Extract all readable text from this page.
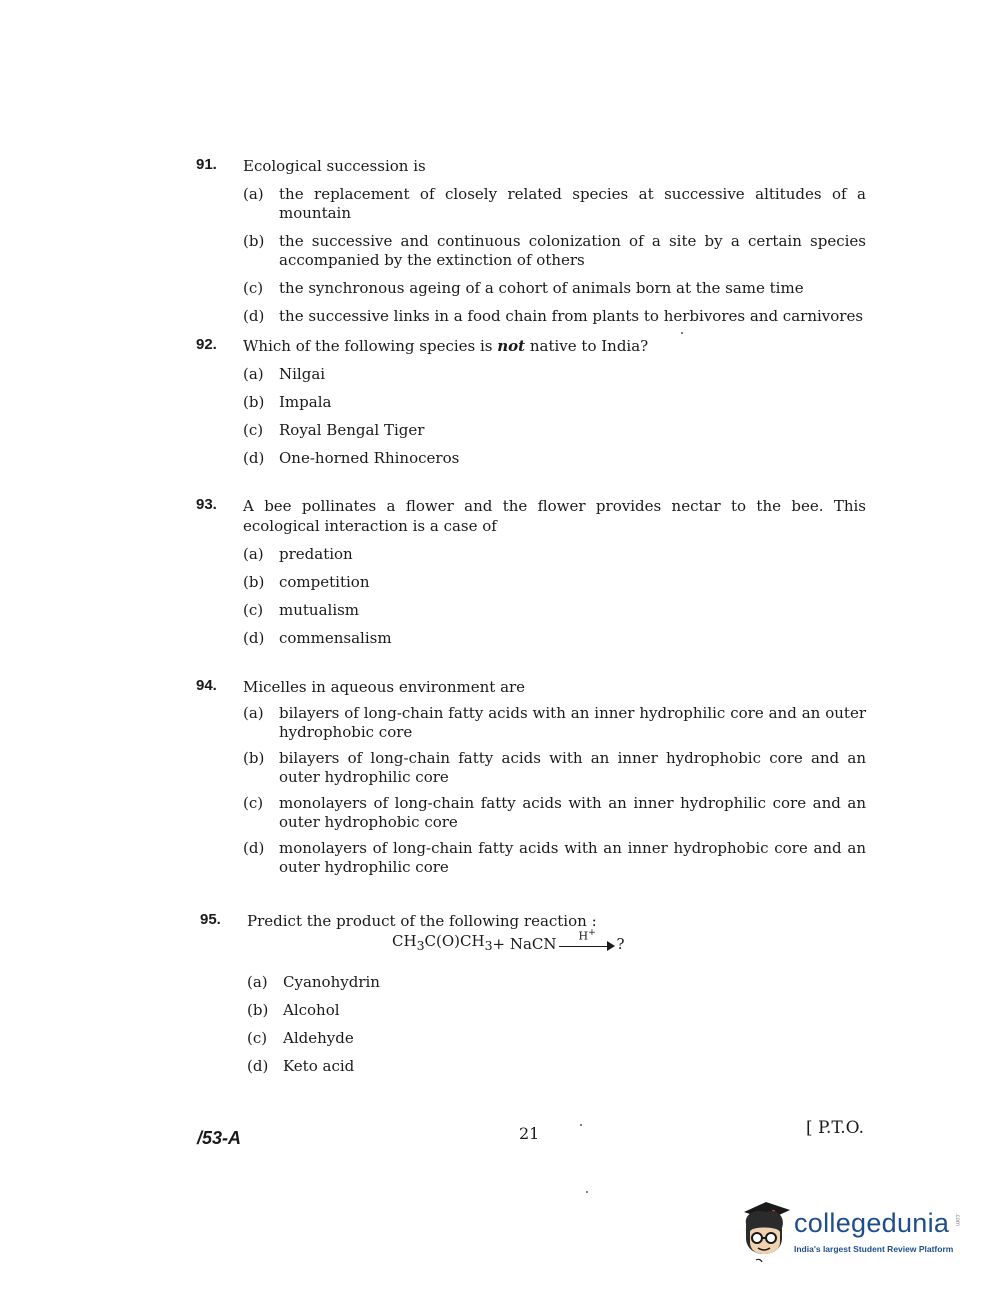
91.	Ecological succession is
(a)	the replacement of closely related species at successive altitudes of a mountain
(b) the successive and continuous colonization of a site by a certain species accompanied by the extinction of others
(c)	the synchronous ageing of a cohort of animals born at the same time
(d) the successive links in a food chain from plants to herbivores and carnivores
92.	Which of the following species is not native to India?
(a)	Nilgai
(b) Impala
(c)	Royal Bengal Tiger
(d) One-horned Rhinoceros
93.	A bee pollinates a flower and the flower provides nectar to the bee. This ecological interaction is a case of
(a)	predation
(b) competition
(c)	mutualism
(d) commensalism
94.	Micelles in aqueous environment are
(a)	bilayers of long-chain fatty acids with an inner hydrophilic core and an outer hydrophobic core
(b) bilayers of long-chain fatty acids with an inner hydrophobic core and an outer hydrophilic core
(c)	monolayers of long-chain fatty acids with an inner hydrophilic core and an outer hydrophobic core
(d) monolayers of long-chain fatty acids with an inner hydrophobic core and an outer hydrophilic core
95.	Predict the product of the following reaction :
(a)	Cyanohydrin
(b) Alcohol
(c)	Aldehyde
(d) Keto acid
$CH_3$ $C(O)CH_3$ + NaCN H+
?
/53-A	21	[ P.T.O.
collegedunia .com
India's largest Student Review Platform
